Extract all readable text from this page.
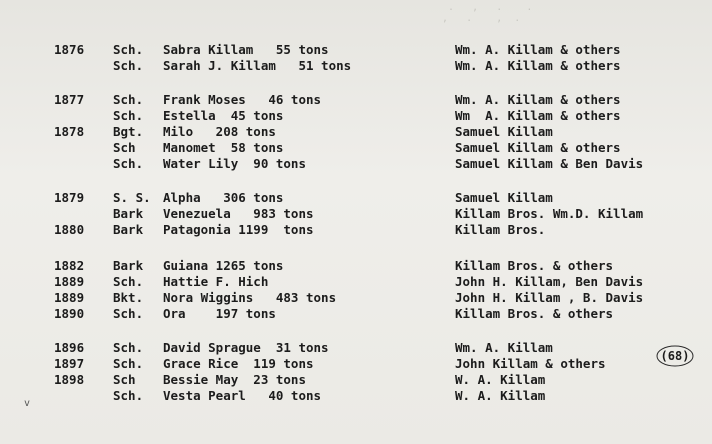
.   ,   .    .
,   .    ,  .
1876 Sch. Sabra Killam   55 tons	Wm. A. Killam & others
Sch. Sarah J. Killam   51 tons	Wm. A. Killam & others
1877 Sch. Frank Moses   46 tons	Wm. A. Killam & others
Sch. Estella  45 tons	Wm  A. Killam & others
1878 Bgt. Milo   208 tons	Samuel Killam
Sch Manomet  58 tons	Samuel Killam & others
Sch. Water Lily  90 tons	Samuel Killam & Ben Davis
1879 S. S. Alpha   306 tons	Samuel Killam
Bark Venezuela   983 tons	Killam Bros. Wm.D. Killam
1880 Bark Patagonia 1199  tons	Killam Bros.
1882 Bark Guiana 1265 tons	Killam Bros. & others
1889 Sch. Hattie F. Hich	John H. Killam, Ben Davis
1889 Bkt. Nora Wiggins   483 tons	John H. Killam , B. Davis
1890 Sch. Ora    197 tons	Killam Bros. & others
1896 Sch. David Sprague  31 tons	Wm. A. Killam
1897 Sch. Grace Rice  119 tons	John Killam & others
1898 Sch Bessie May  23 tons	W. A. Killam
Sch. Vesta Pearl   40 tons	W. A. Killam
(68)
v
